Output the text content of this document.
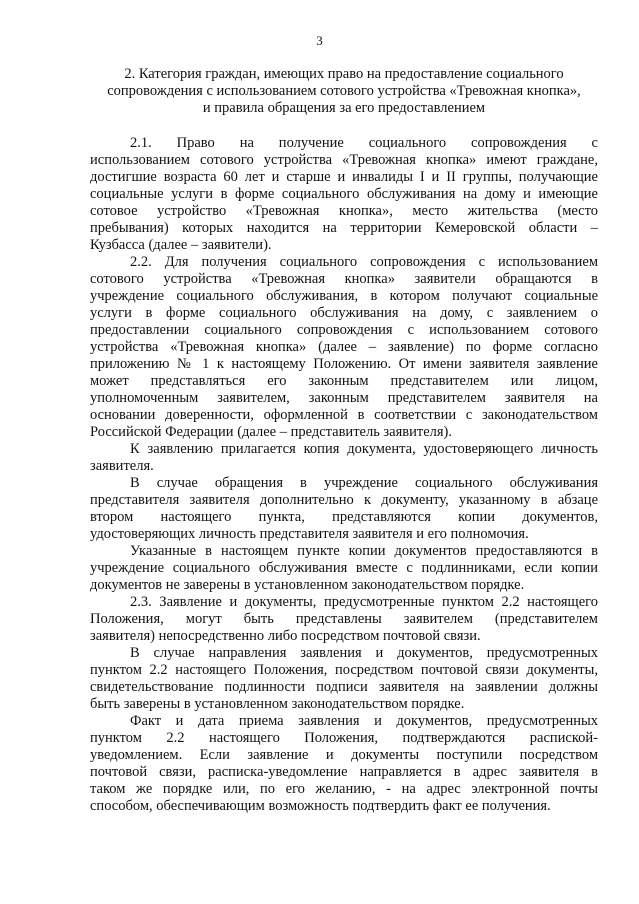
3
2. Категория граждан, имеющих право на предоставление социального
сопровождения с использованием сотового устройства «Тревожная кнопка»,
и правила обращения за его предоставлением
2.1. Право на получение социального сопровождения с
использованием сотового устройства «Тревожная кнопка» имеют граждане,
достигшие возраста 60 лет и старше и инвалиды I и II группы, получающие
социальные услуги в форме социального обслуживания на дому и имеющие
сотовое устройство «Тревожная кнопка», место жительства (место
пребывания) которых находится на территории Кемеровской области –
Кузбасса (далее – заявители).
2.2. Для получения социального сопровождения с использованием
сотового устройства «Тревожная кнопка» заявители обращаются в
учреждение социального обслуживания, в котором получают социальные
услуги в форме социального обслуживания на дому, с заявлением о
предоставлении социального сопровождения с использованием сотового
устройства «Тревожная кнопка» (далее – заявление) по форме согласно
приложению № 1 к настоящему Положению. От имени заявителя заявление
может представляться его законным представителем или лицом,
уполномоченным заявителем, законным представителем заявителя на
основании доверенности, оформленной в соответствии с законодательством
Российской Федерации (далее – представитель заявителя).
К заявлению прилагается копия документа, удостоверяющего личность
заявителя.
В случае обращения в учреждение социального обслуживания
представителя заявителя дополнительно к документу, указанному в абзаце
втором настоящего пункта, представляются копии документов,
удостоверяющих личность представителя заявителя и его полномочия.
Указанные в настоящем пункте копии документов предоставляются в
учреждение социального обслуживания вместе с подлинниками, если копии
документов не заверены в установленном законодательством порядке.
2.3. Заявление и документы, предусмотренные пунктом 2.2 настоящего
Положения, могут быть представлены заявителем (представителем
заявителя) непосредственно либо посредством почтовой связи.
В случае направления заявления и документов, предусмотренных
пунктом 2.2 настоящего Положения, посредством почтовой связи документы,
свидетельствование подлинности подписи заявителя на заявлении должны
быть заверены в установленном законодательством порядке.
Факт и дата приема заявления и документов, предусмотренных
пунктом 2.2 настоящего Положения, подтверждаются распиской-
уведомлением. Если заявление и документы поступили посредством
почтовой связи, расписка-уведомление направляется в адрес заявителя в
таком же порядке или, по его желанию, - на адрес электронной почты
способом, обеспечивающим возможность подтвердить факт ее получения.
